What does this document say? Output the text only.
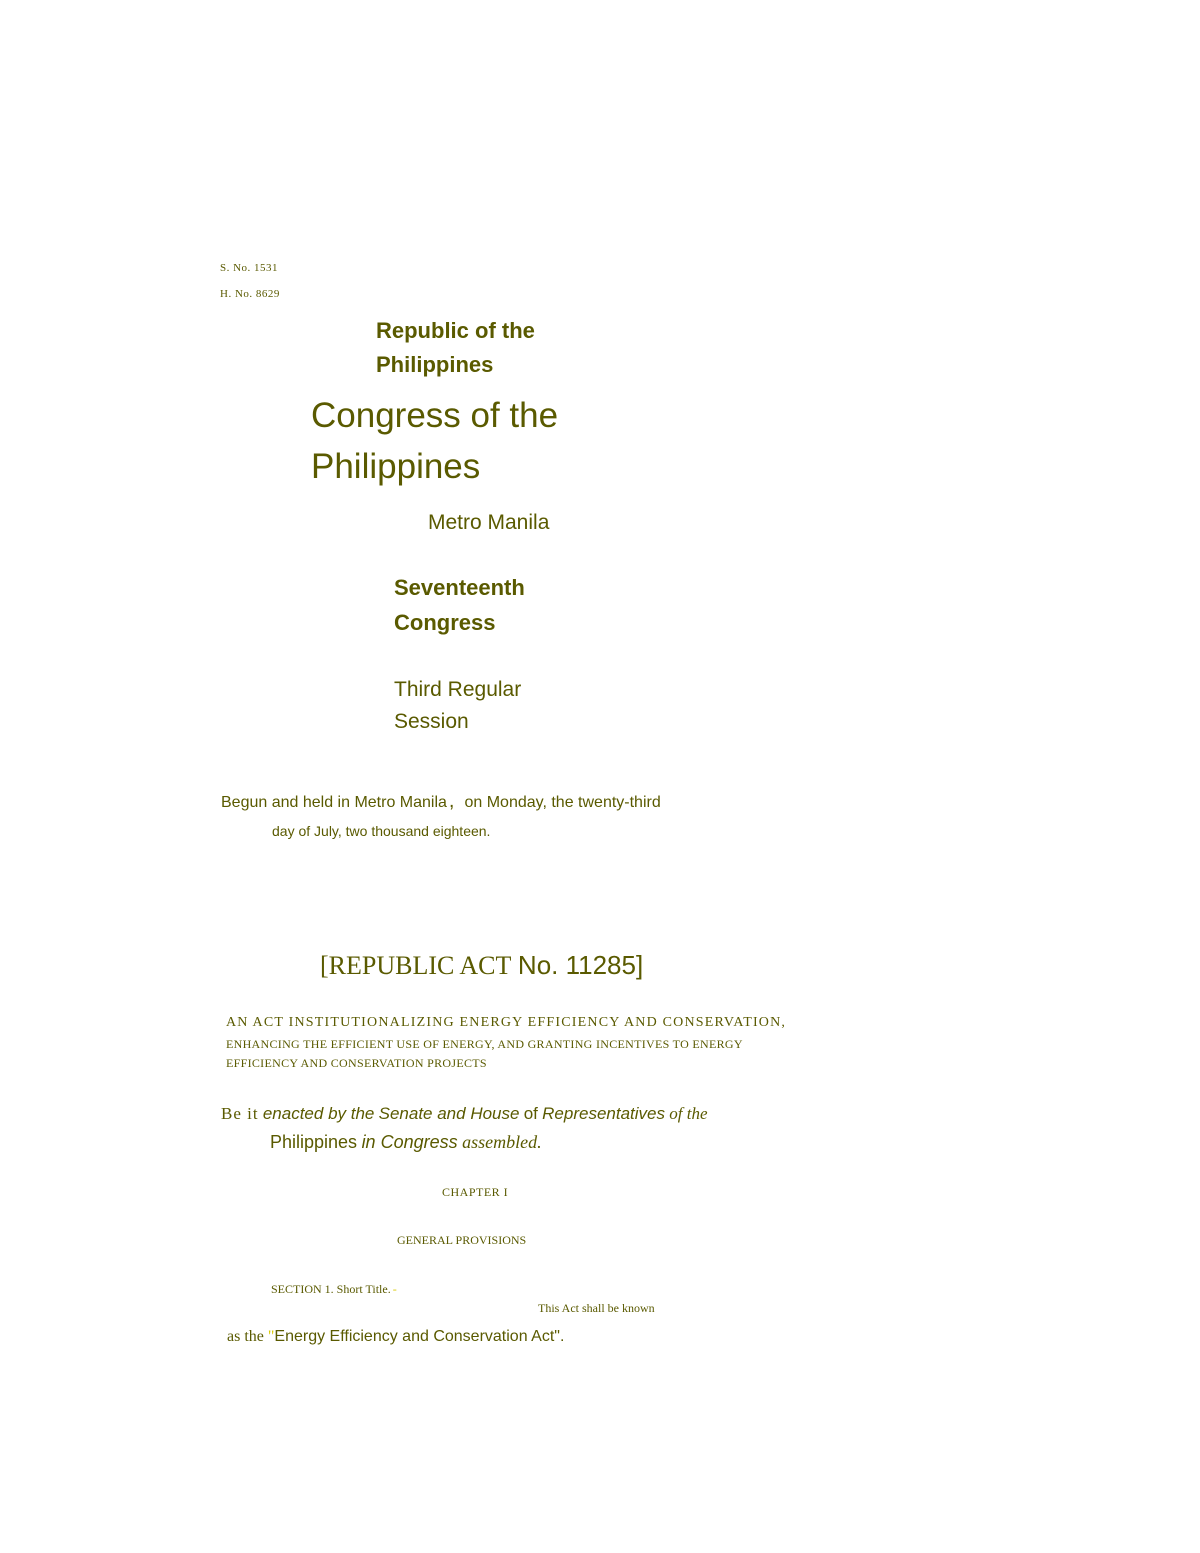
S. No. 1531

H. No. 8629

Republic of the

Philippines

Congress of the

Philippines

Metro Manila

Seventeenth

Congress

Third Regular

Session

Begun and held in Metro Manila , on Monday, the twenty-third

day of July, two thousand eighteen.

[REPUBLIC ACT No. 11285]

AN ACT INSTITUTIONALIZING ENERGY EFFICIENCY AND CONSERVATION,

ENHANCING THE EFFICIENT USE OF ENERGY, AND GRANTING INCENTIVES TO ENERGY

EFFICIENCY AND CONSERVATION PROJECTS

Be it enacted by the Senate and House of Representatives of the

Philippines in Congress assembled.

CHAPTER I

GENERAL PROVISIONS

SECTION 1. Short Title. -

This Act shall be known

as the "Energy Efficiency and Conservation Act".
